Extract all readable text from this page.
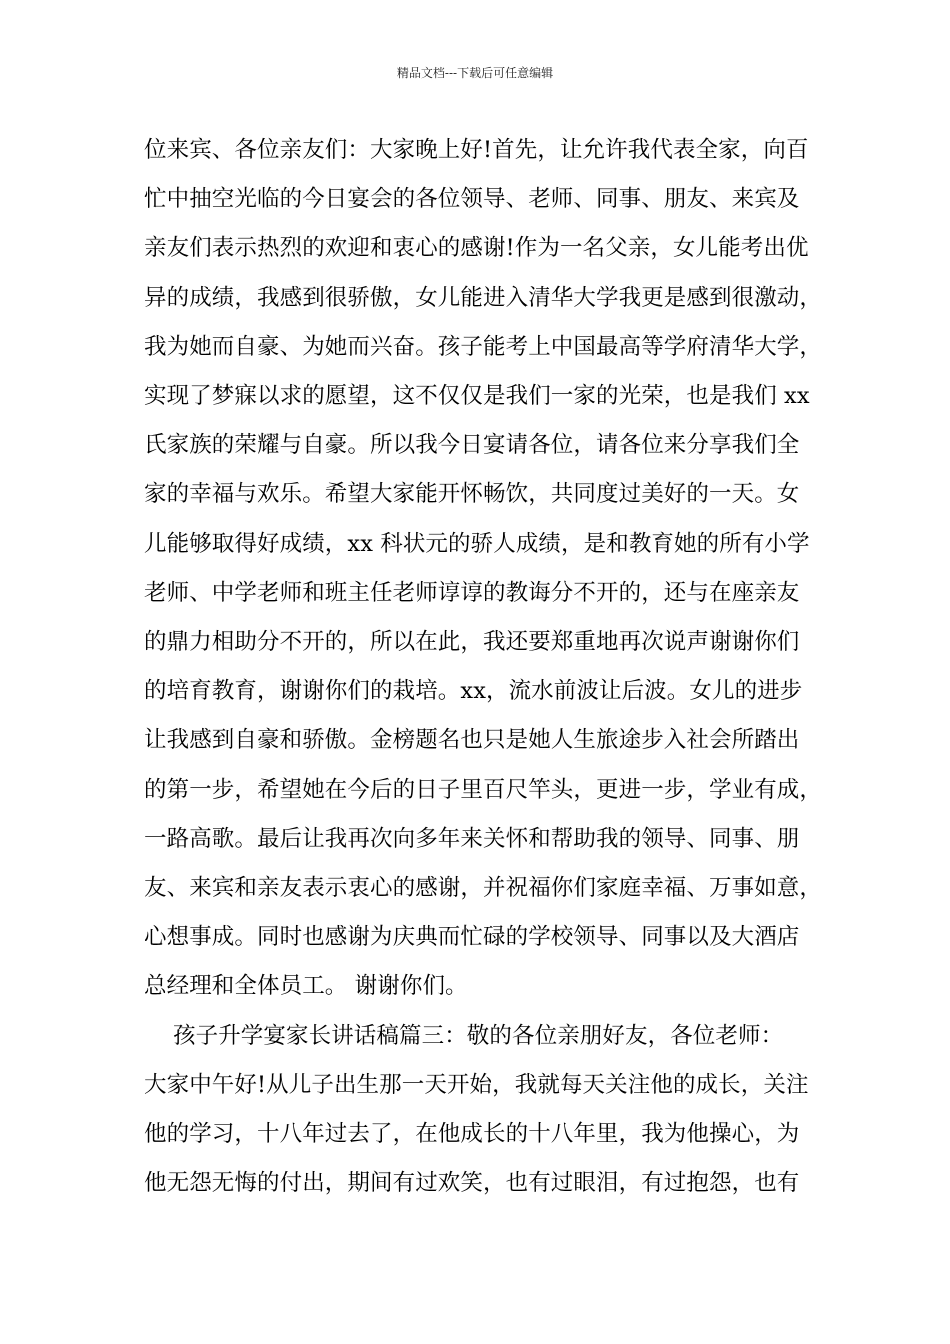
精品文档---下载后可任意编辑
位来宾、各位亲友们：大家晚上好!首先，让允许我代表全家，向百
忙中抽空光临的今日宴会的各位领导、老师、同事、朋友、来宾及
亲友们表示热烈的欢迎和衷心的感谢!作为一名父亲，女儿能考出优
异的成绩，我感到很骄傲，女儿能进入清华大学我更是感到很激动，
我为她而自豪、为她而兴奋。孩子能考上中国最高等学府清华大学，
实现了梦寐以求的愿望，这不仅仅是我们一家的光荣，也是我们 xx
氏家族的荣耀与自豪。所以我今日宴请各位，请各位来分享我们全
家的幸福与欢乐。希望大家能开怀畅饮，共同度过美好的一天。女
儿能够取得好成绩，xx 科状元的骄人成绩，是和教育她的所有小学
老师、中学老师和班主任老师谆谆的教诲分不开的，还与在座亲友
的鼎力相助分不开的，所以在此，我还要郑重地再次说声谢谢你们
的培育教育，谢谢你们的栽培。xx，流水前波让后波。女儿的进步
让我感到自豪和骄傲。金榜题名也只是她人生旅途步入社会所踏出
的第一步，希望她在今后的日子里百尺竿头，更进一步，学业有成，
一路高歌。最后让我再次向多年来关怀和帮助我的领导、同事、朋
友、来宾和亲友表示衷心的感谢，并祝福你们家庭幸福、万事如意，
心想事成。同时也感谢为庆典而忙碌的学校领导、同事以及大酒店
总经理和全体员工。 谢谢你们。
孩子升学宴家长讲话稿篇三：敬的各位亲朋好友，各位老师：
大家中午好!从儿子出生那一天开始，我就每天关注他的成长，关注
他的学习，十八年过去了，在他成长的十八年里，我为他操心，为
他无怨无悔的付出，期间有过欢笑，也有过眼泪，有过抱怨，也有
